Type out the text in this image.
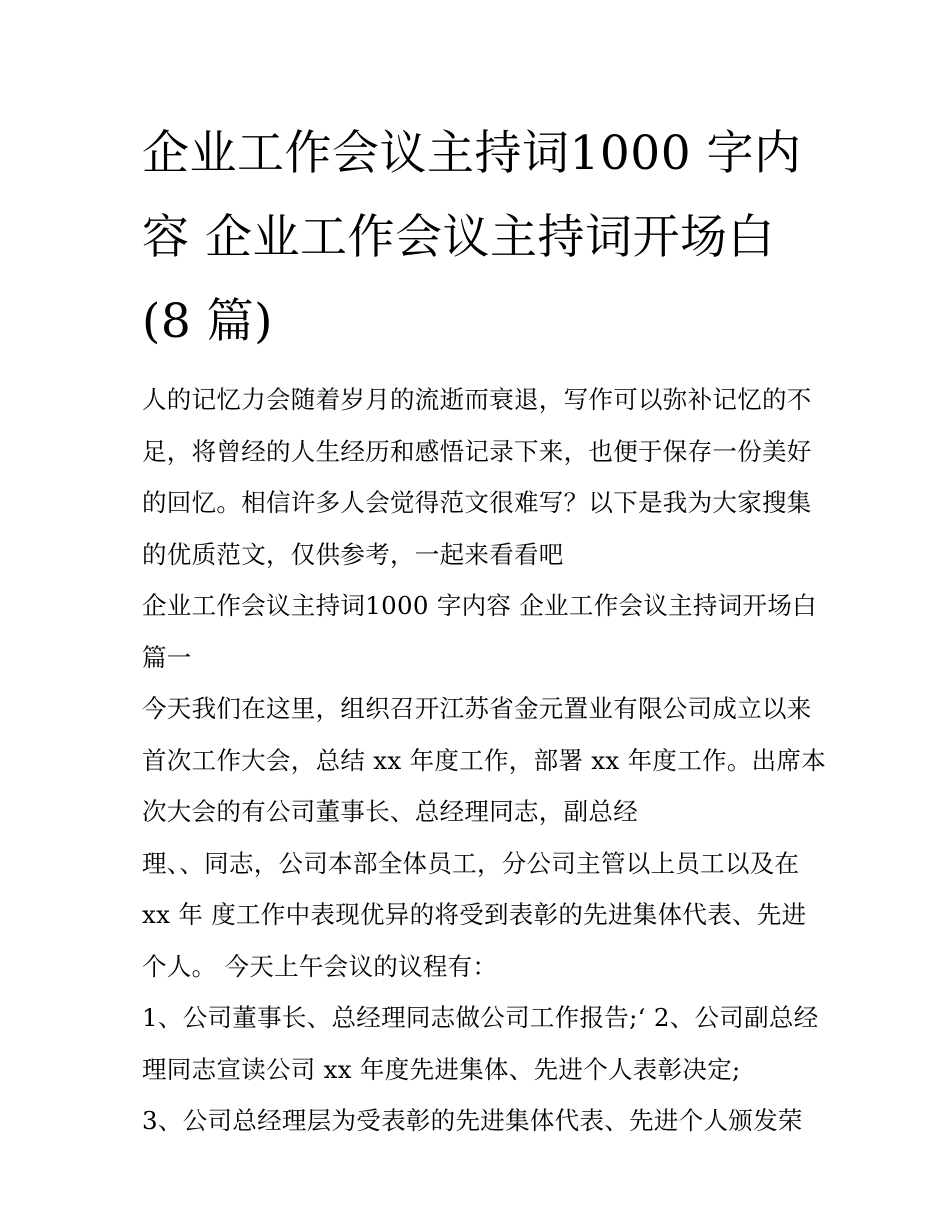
企业工作会议主持词1000 字内
容 企业工作会议主持词开场白
(8 篇)

人的记忆力会随着岁月的流逝而衰退，写作可以弥补记忆的不
足，将曾经的人生经历和感悟记录下来，也便于保存一份美好
的回忆。相信许多人会觉得范文很难写？以下是我为大家搜集
的优质范文，仅供参考，一起来看看吧

企业工作会议主持词1000 字内容 企业工作会议主持词开场白
篇一

今天我们在这里，组织召开江苏省金元置业有限公司成立以来
首次工作大会，总结 xx 年度工作，部署 xx 年度工作。出席本
次大会的有公司董事长、总经理同志，副总经

理、、同志，公司本部全体员工，分公司主管以上员工以及在
xx 年 度工作中表现优异的将受到表彰的先进集体代表、先进
个人。 今天上午会议的议程有：

1、公司董事长、总经理同志做公司工作报告;‘ 2、公司副总经
理同志宣读公司 xx 年度先进集体、先进个人表彰决定;

3、公司总经理层为受表彰的先进集体代表、先进个人颁发荣
